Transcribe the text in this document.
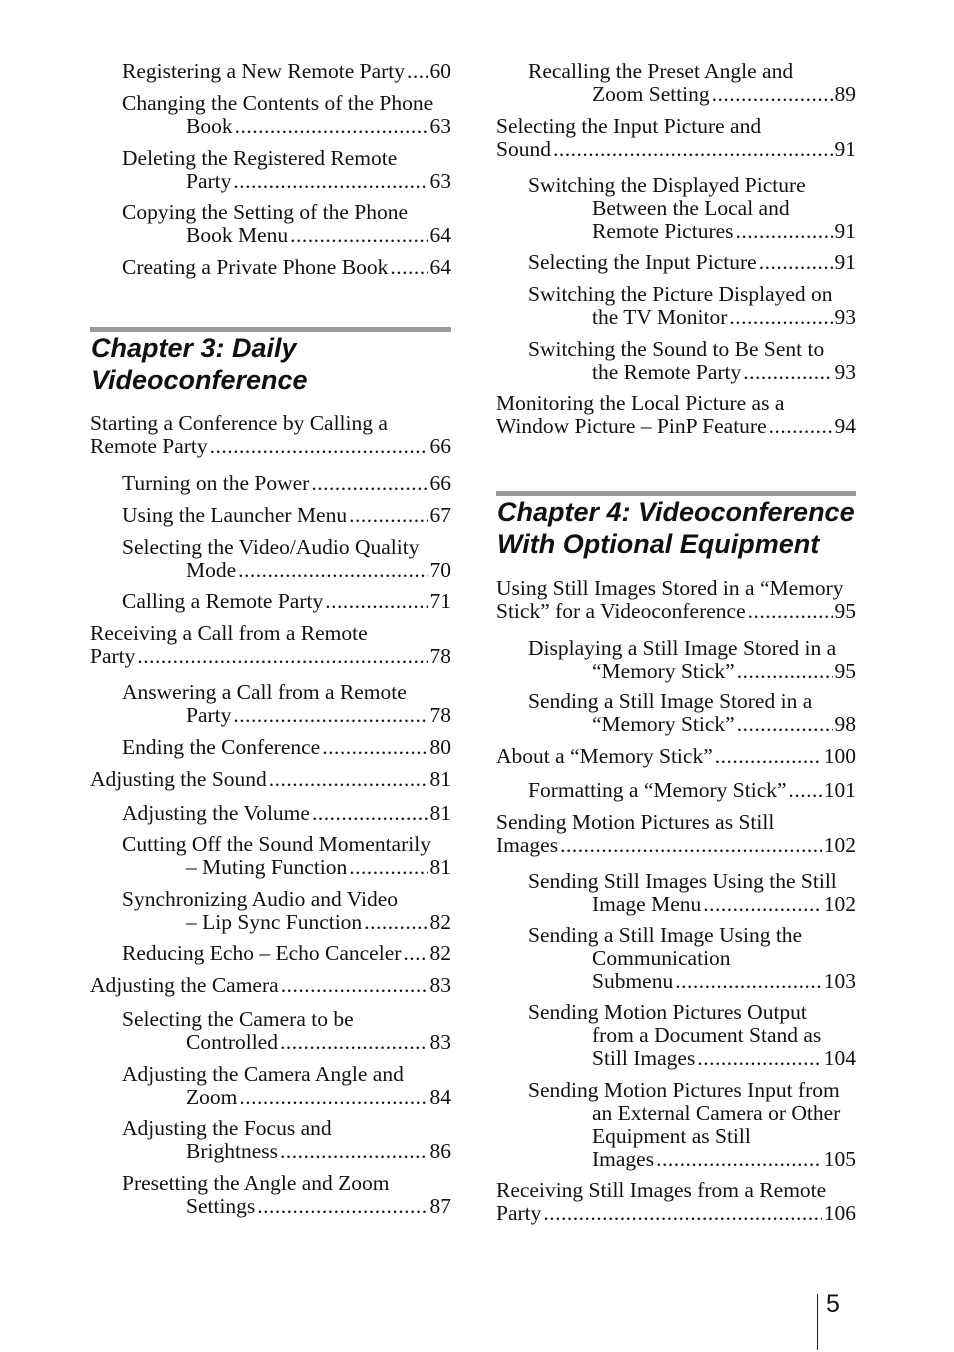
Registering a New Remote Party ..... 60
Changing the Contents of the Phone
Book .....	63
Deleting the Registered Remote
Party .....	63
Copying the Setting of the Phone
Book Menu .....	64
Creating a Private Phone Book ..... 64
Chapter 3: Daily
Videoconference
Starting a Conference by Calling a
Remote Party .....	66
Turning on the Power .....	66
Using the Launcher Menu .....	67
Selecting the Video/Audio Quality
Mode .....	70
Calling a Remote Party .....	71
Receiving a Call from a Remote
Party .....	78
Answering a Call from a Remote
Party .....	78
Ending the Conference .....	80
Adjusting the Sound .....	81
Adjusting the Volume .....	81
Cutting Off the Sound Momentarily
– Muting Function .....	81
Synchronizing Audio and Video
– Lip Sync Function .....	82
Reducing Echo – Echo Canceler ..... 82
Adjusting the Camera .....	83
Selecting the Camera to be
Controlled .....	83
Adjusting the Camera Angle and
Zoom .....	84
Adjusting the Focus and
Brightness .....	86
Presetting the Angle and Zoom
Settings .....	87
Recalling the Preset Angle and
Zoom Setting .....	89
Selecting the Input Picture and
Sound .....	91
Switching the Displayed Picture
Between the Local and
Remote Pictures .....	91
Selecting the Input Picture .....	91
Switching the Picture Displayed on
the TV Monitor .....	93
Switching the Sound to Be Sent to
the Remote Party .....	93
Monitoring the Local Picture as a
Window Picture – PinP Feature .....	94
Chapter 4: Videoconference
With Optional Equipment
Using Still Images Stored in a “Memory
Stick” for a Videoconference .....	95
Displaying a Still Image Stored in a
“Memory Stick” .....	95
Sending a Still Image Stored in a
“Memory Stick” .....	98
About a “Memory Stick” .....	100
Formatting a “Memory Stick” ..... 101
Sending Motion Pictures as Still
Images .....	102
Sending Still Images Using the Still
Image Menu .....	102
Sending a Still Image Using the
Communication
Submenu .....	103
Sending Motion Pictures Output
from a Document Stand as
Still Images .....	104
Sending Motion Pictures Input from
an External Camera or Other
Equipment as Still
Images .....	105
Receiving Still Images from a Remote
Party .....	106
5
